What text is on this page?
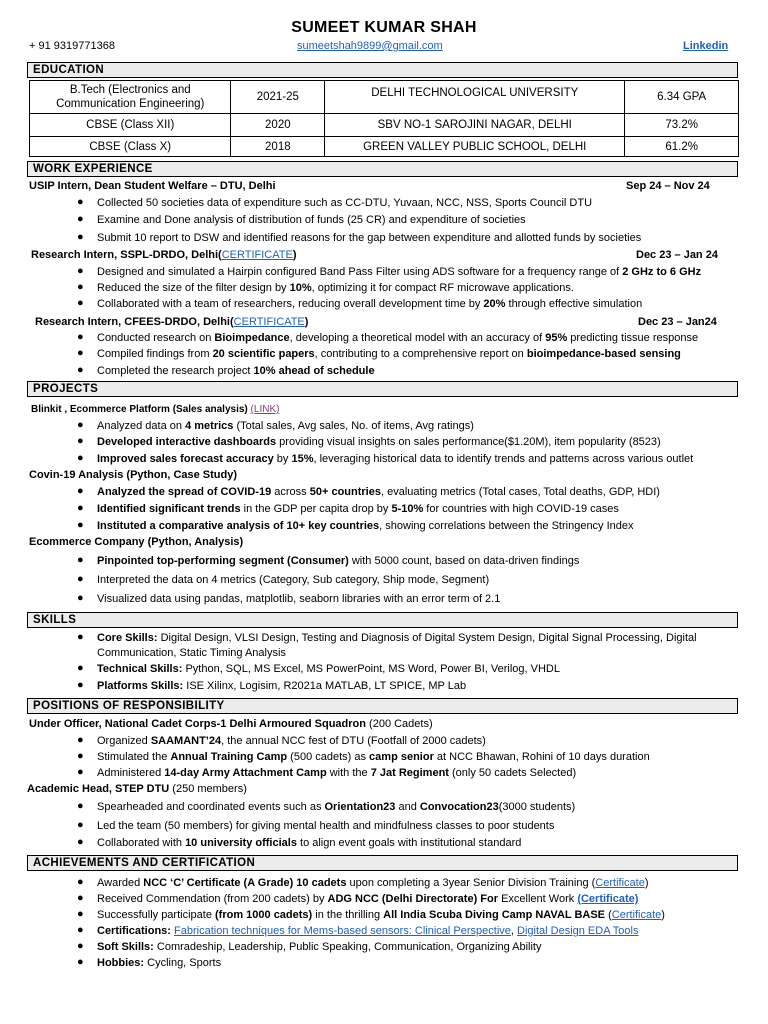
SUMEET KUMAR SHAH
+ 91 9319771368	sumeetshah9899@gmail.com	Linkedin
EDUCATION
B.Tech (Electronics and Communication Engineering)	2021-25	DELHI TECHNOLOGICAL UNIVERSITY	6.34 GPA
CBSE (Class XII)	2020	SBV NO-1 SAROJINI NAGAR, DELHI	73.2%
CBSE (Class X)	2018	GREEN VALLEY PUBLIC SCHOOL, DELHI	61.2%
WORK EXPERIENCE
USIP Intern, Dean Student Welfare – DTU, Delhi	Sep 24 – Nov 24
● Collected 50 societies data of expenditure such as CC-DTU, Yuvaan, NCC, NSS, Sports Council DTU
● Examine and Done analysis of distribution of funds (25 CR) and expenditure of societies
● Submit 10 report to DSW and identified reasons for the gap between expenditure and allotted funds by societies
Research Intern, SSPL-DRDO, Delhi(CERTIFICATE)	Dec 23 – Jan 24
● Designed and simulated a Hairpin configured Band Pass Filter using ADS software for a frequency range of 2 GHz to 6 GHz
● Reduced the size of the filter design by 10%, optimizing it for compact RF microwave applications.
● Collaborated with a team of researchers, reducing overall development time by 20% through effective simulation
Research Intern, CFEES-DRDO, Delhi(CERTIFICATE)	Dec 23 – Jan24
● Conducted research on Bioimpedance, developing a theoretical model with an accuracy of 95% predicting tissue response
● Compiled findings from 20 scientific papers, contributing to a comprehensive report on bioimpedance-based sensing
● Completed the research project 10% ahead of schedule
PROJECTS
Blinkit , Ecommerce Platform (Sales analysis) (LINK)
● Analyzed data on 4 metrics (Total sales, Avg sales, No. of items, Avg ratings)
● Developed interactive dashboards providing visual insights on sales performance($1.20M), item popularity (8523)
● Improved sales forecast accuracy by 15%, leveraging historical data to identify trends and patterns across various outlet
Covin-19 Analysis (Python, Case Study)
● Analyzed the spread of COVID-19 across 50+ countries, evaluating metrics (Total cases, Total deaths, GDP, HDI)
● Identified significant trends in the GDP per capita drop by 5-10% for countries with high COVID-19 cases
● Instituted a comparative analysis of 10+ key countries, showing correlations between the Stringency Index
Ecommerce Company (Python, Analysis)
● Pinpointed top-performing segment (Consumer) with 5000 count, based on data-driven findings
● Interpreted the data on 4 metrics (Category, Sub category, Ship mode, Segment)
● Visualized data using pandas, matplotlib, seaborn libraries with an error term of 2.1
SKILLS
● Core Skills: Digital Design, VLSI Design, Testing and Diagnosis of Digital System Design, Digital Signal Processing, Digital
Communication, Static Timing Analysis
● Technical Skills: Python, SQL, MS Excel, MS PowerPoint, MS Word, Power BI, Verilog, VHDL
● Platforms Skills: ISE Xilinx, Logisim, R2021a MATLAB, LT SPICE, MP Lab
POSITIONS OF RESPONSIBILITY
Under Officer, National Cadet Corps-1 Delhi Armoured Squadron (200 Cadets)
● Organized SAAMANT’24, the annual NCC fest of DTU (Footfall of 2000 cadets)
● Stimulated the Annual Training Camp (500 cadets) as camp senior at NCC Bhawan, Rohini of 10 days duration
● Administered 14-day Army Attachment Camp with the 7 Jat Regiment (only 50 cadets Selected)
Academic Head, STEP DTU (250 members)
● Spearheaded and coordinated events such as Orientation23 and Convocation23(3000 students)
● Led the team (50 members) for giving mental health and mindfulness classes to poor students
● Collaborated with 10 university officials to align event goals with institutional standard
ACHIEVEMENTS AND CERTIFICATION
● Awarded NCC ‘C’ Certificate (A Grade) 10 cadets upon completing a 3year Senior Division Training (Certificate)
● Received Commendation (from 200 cadets) by ADG NCC (Delhi Directorate) For Excellent Work (Certificate)
● Successfully participate (from 1000 cadets) in the thrilling All India Scuba Diving Camp NAVAL BASE (Certificate)
● Certifications: Fabrication techniques for Mems-based sensors: Clinical Perspective, Digital Design EDA Tools
● Soft Skills: Comradeship, Leadership, Public Speaking, Communication, Organizing Ability
● Hobbies: Cycling, Sports
